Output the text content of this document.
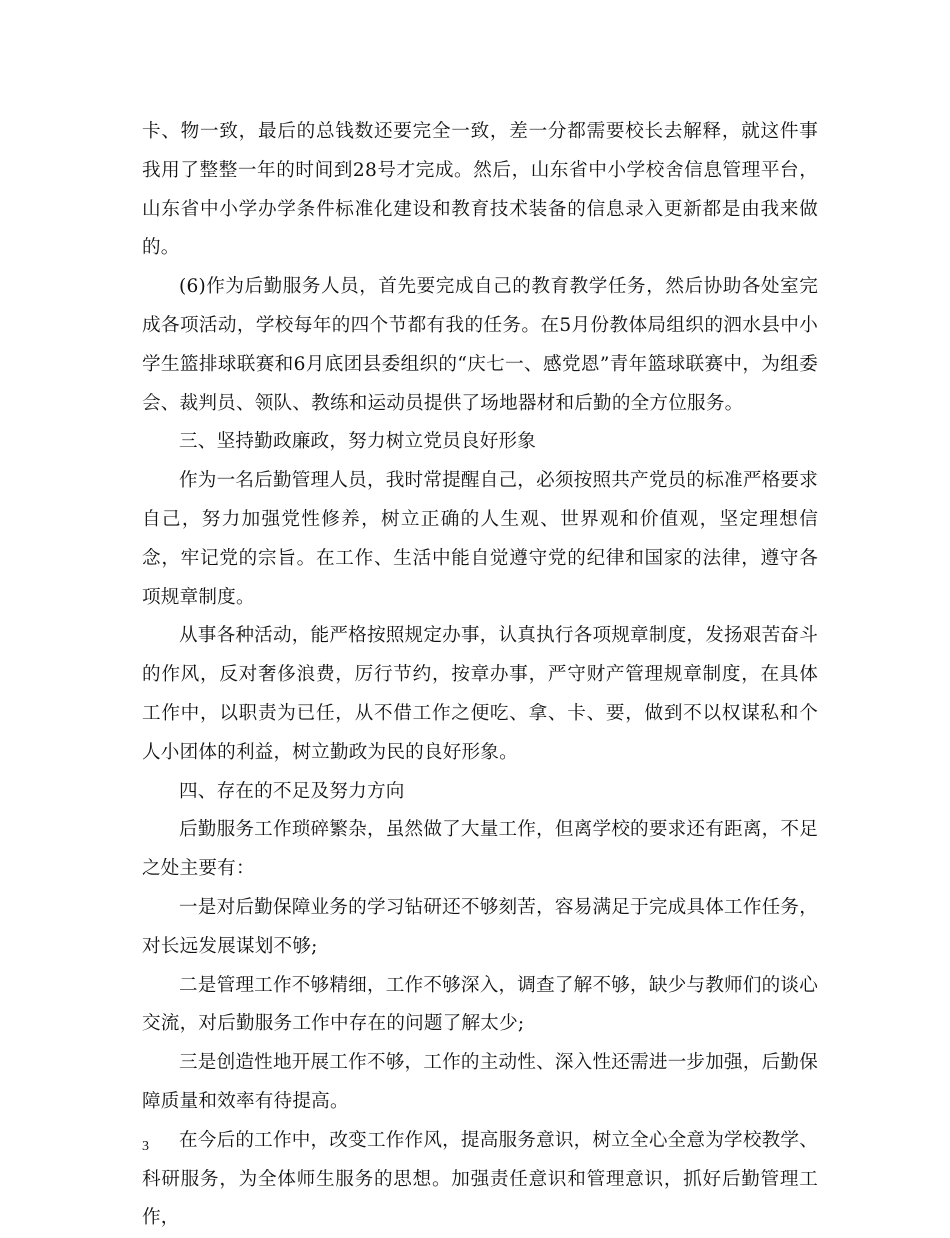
卡、物一致，最后的总钱数还要完全一致，差一分都需要校长去解释，就这件事我用了整整一年的时间到28号才完成。然后，山东省中小学校舍信息管理平台，山东省中小学办学条件标准化建设和教育技术装备的信息录入更新都是由我来做的。

(6)作为后勤服务人员，首先要完成自己的教育教学任务，然后协助各处室完成各项活动，学校每年的四个节都有我的任务。在5月份教体局组织的泗水县中小学生篮排球联赛和6月底团县委组织的“庆七一、感党恩”青年篮球联赛中，为组委会、裁判员、领队、教练和运动员提供了场地器材和后勤的全方位服务。

三、坚持勤政廉政，努力树立党员良好形象

作为一名后勤管理人员，我时常提醒自己，必须按照共产党员的标准严格要求自己，努力加强党性修养，树立正确的人生观、世界观和价值观，坚定理想信念，牢记党的宗旨。在工作、生活中能自觉遵守党的纪律和国家的法律，遵守各项规章制度。

从事各种活动，能严格按照规定办事，认真执行各项规章制度，发扬艰苦奋斗的作风，反对奢侈浪费，厉行节约，按章办事，严守财产管理规章制度，在具体工作中，以职责为已任，从不借工作之便吃、拿、卡、要，做到不以权谋私和个人小团体的利益，树立勤政为民的良好形象。

四、存在的不足及努力方向

后勤服务工作琐碎繁杂，虽然做了大量工作，但离学校的要求还有距离，不足之处主要有：

一是对后勤保障业务的学习钻研还不够刻苦，容易满足于完成具体工作任务，对长远发展谋划不够;

二是管理工作不够精细，工作不够深入，调查了解不够，缺少与教师们的谈心交流，对后勤服务工作中存在的问题了解太少;

三是创造性地开展工作不够，工作的主动性、深入性还需进一步加强，后勤保障质量和效率有待提高。

在今后的工作中，改变工作作风，提高服务意识，树立全心全意为学校教学、科研服务，为全体师生服务的思想。加强责任意识和管理意识，抓好后勤管理工作，

3
